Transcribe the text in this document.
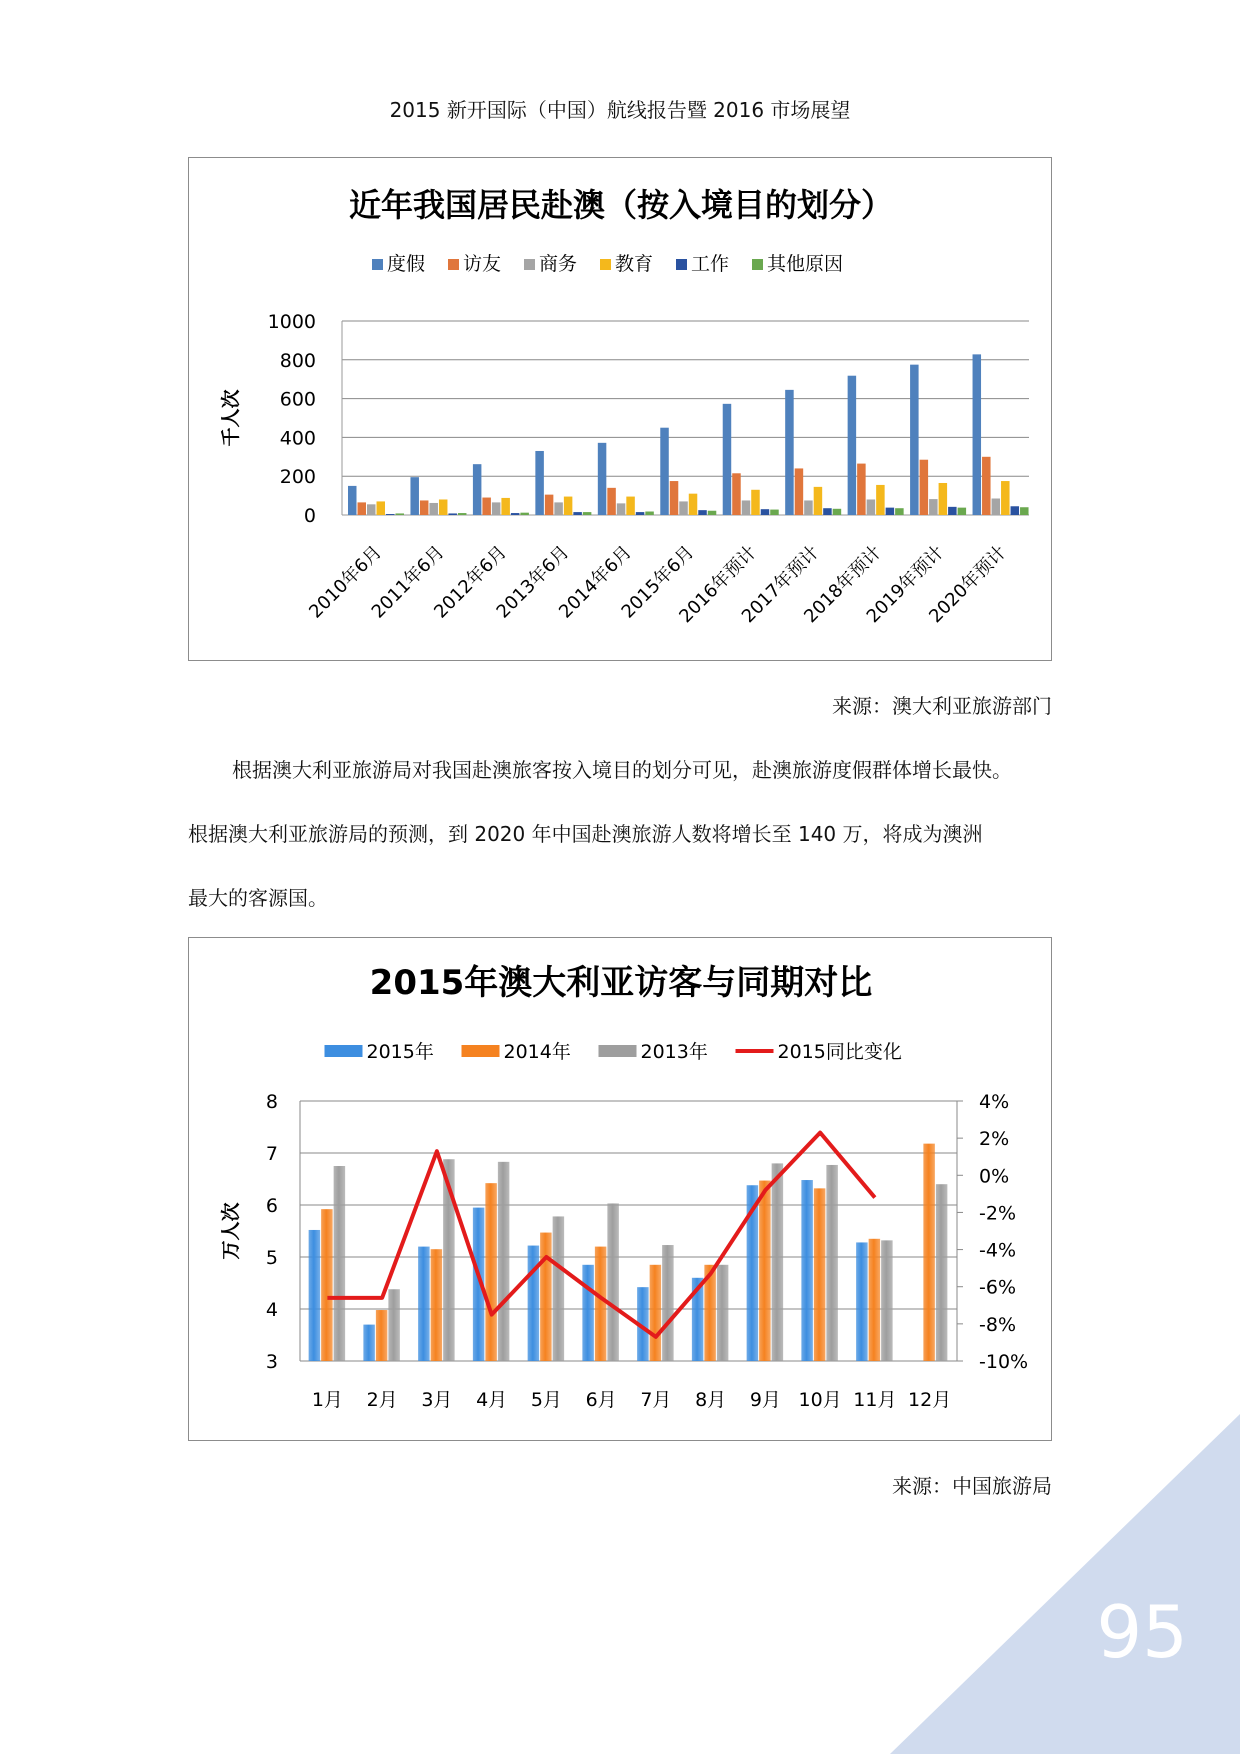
2015 新开国际（中国）航线报告暨 2016 市场展望
近年我国居民赴澳（按入境目的划分）
度假 访友 商务 教育 工作 其他原因
0
200
400
600
800
1000
千人次
2010年6月
2011年6月
2012年6月
2013年6月
2014年6月
2015年6月
2016年预计
2017年预计
2018年预计
2019年预计
2020年预计
来源：澳大利亚旅游部门

根据澳大利亚旅游局对我国赴澳旅客按入境目的划分可见，赴澳旅游度假群体增长最快。

根据澳大利亚旅游局的预测，到 2020 年中国赴澳旅游人数将增长至 140 万，将成为澳洲

最大的客源国。

2015年澳大利亚访客与同期对比
2015年	2014年	2013年	2015同比变化
3
4
5
6
7
8
-10%
-8%
-6%
-4%
-2%
0%
2%
4%
万人次
1月 2月 3月 4月 5月 6月 7月 8月 9月 10月 11月 12月
来源：中国旅游局
95
